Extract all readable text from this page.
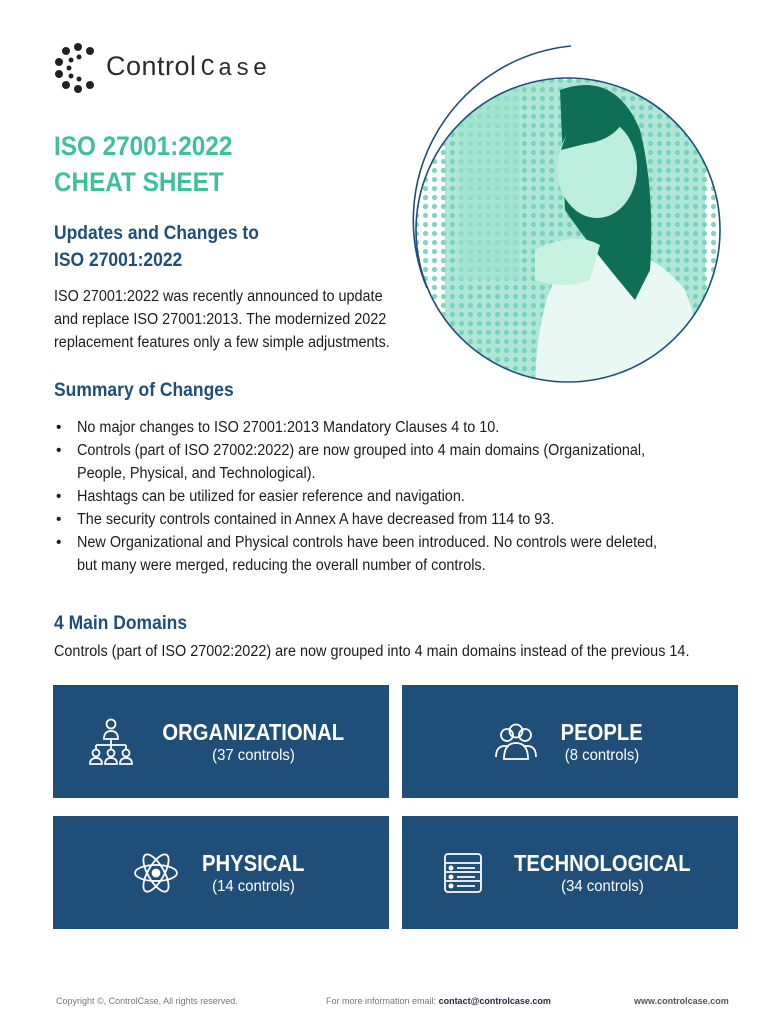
Control Case
ISO 27001:2022
CHEAT SHEET
Updates and Changes to
ISO 27001:2022
ISO 27001:2022 was recently announced to update
and replace ISO 27001:2013. The modernized 2022
replacement features only a few simple adjustments.
Summary of Changes
• No major changes to ISO 27001:2013 Mandatory Clauses 4 to 10.
• Controls (part of ISO 27002:2022) are now grouped into 4 main domains (Organizational,
People, Physical, and Technological).
• Hashtags can be utilized for easier reference and navigation.
• The security controls contained in Annex A have decreased from 114 to 93.
• New Organizational and Physical controls have been introduced. No controls were deleted,
but many were merged, reducing the overall number of controls.
4 Main Domains
Controls (part of ISO 27002:2022) are now grouped into 4 main domains instead of the previous 14.
ORGANIZATIONAL
(37 controls)
PEOPLE
(8 controls)
PHYSICAL
(14 controls)
TECHNOLOGICAL
(34 controls)
Copyright ©, ControlCase, All rights reserved.	For more information email: contact@controlcase.com	www.controlcase.com
